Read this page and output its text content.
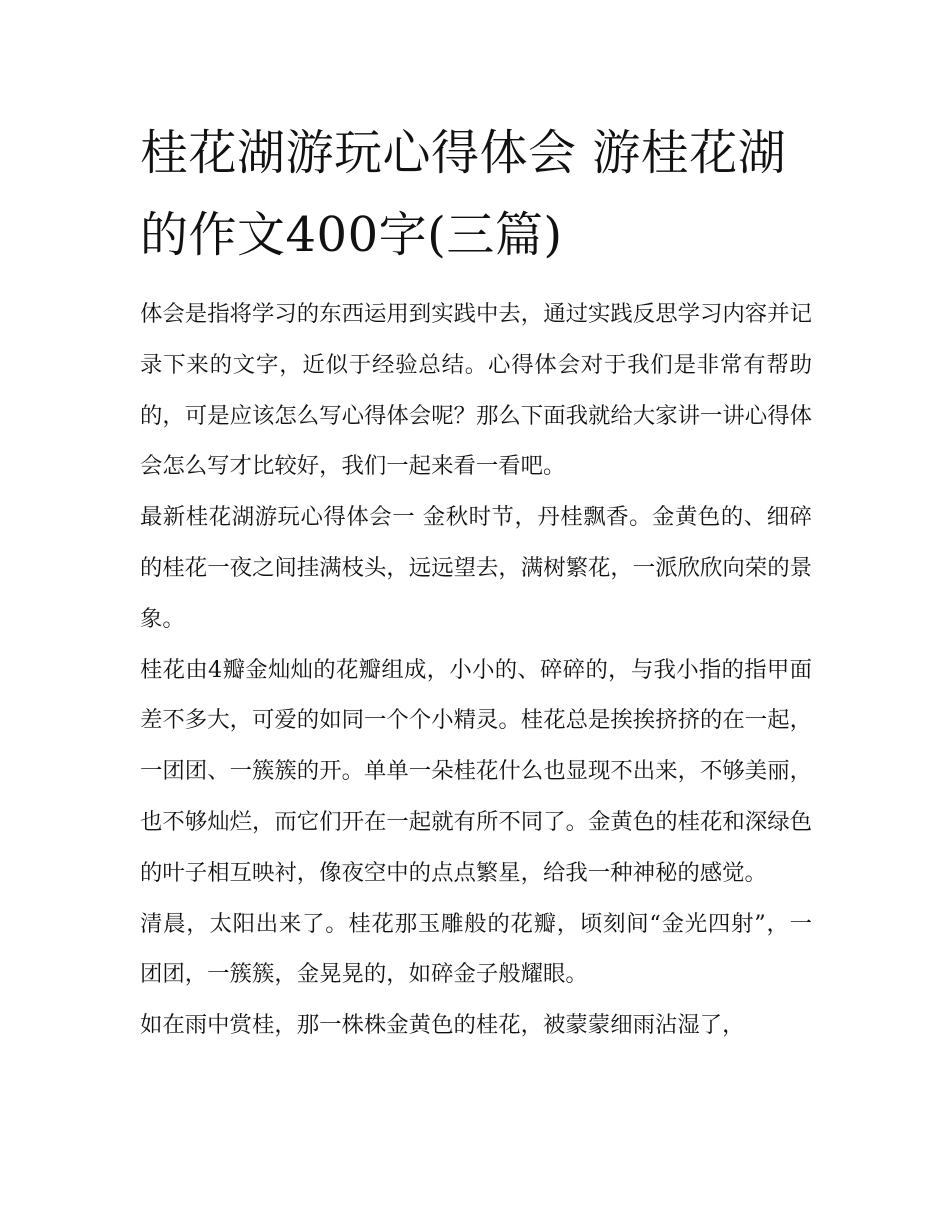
桂花湖游玩心得体会 游桂花湖的作文400字(三篇)

体会是指将学习的东西运用到实践中去，通过实践反思学习内容并记录下来的文字，近似于经验总结。心得体会对于我们是非常有帮助的，可是应该怎么写心得体会呢？那么下面我就给大家讲一讲心得体会怎么写才比较好，我们一起来看一看吧。

最新桂花湖游玩心得体会一 金秋时节，丹桂飘香。金黄色的、细碎的桂花一夜之间挂满枝头，远远望去，满树繁花，一派欣欣向荣的景象。

桂花由4瓣金灿灿的花瓣组成，小小的、碎碎的，与我小指的指甲面差不多大，可爱的如同一个个小精灵。桂花总是挨挨挤挤的在一起，一团团、一簇簇的开。单单一朵桂花什么也显现不出来，不够美丽，也不够灿烂，而它们开在一起就有所不同了。金黄色的桂花和深绿色的叶子相互映衬，像夜空中的点点繁星，给我一种神秘的感觉。

清晨，太阳出来了。桂花那玉雕般的花瓣，顷刻间“金光四射”，一团团，一簇簇，金晃晃的，如碎金子般耀眼。

如在雨中赏桂，那一株株金黄色的桂花，被蒙蒙细雨沾湿了，
